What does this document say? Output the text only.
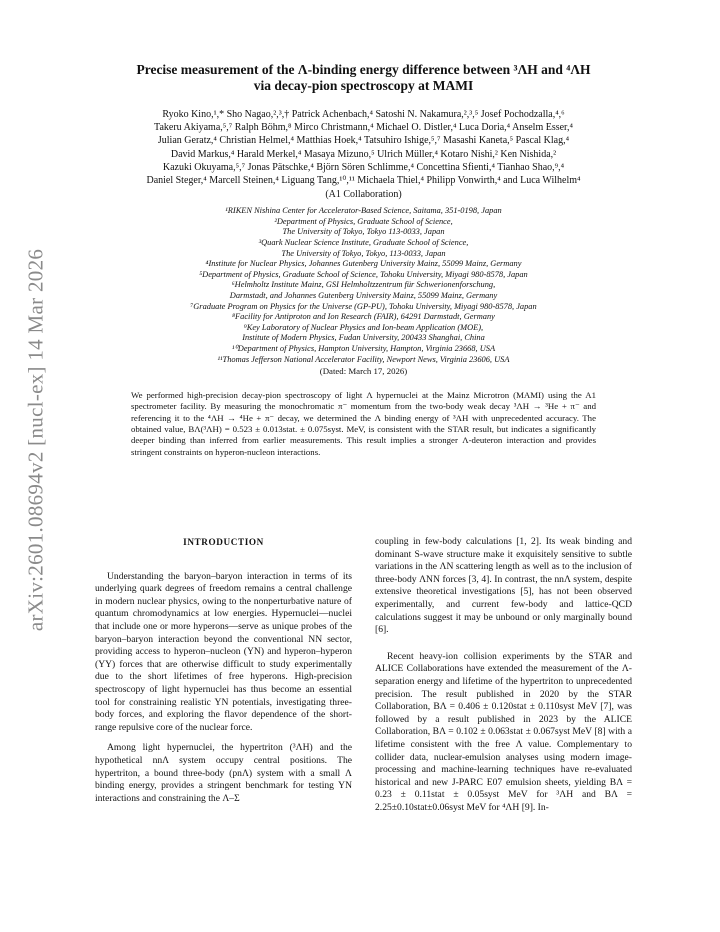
arXiv:2601.08694v2 [nucl-ex] 14 Mar 2026
Precise measurement of the Λ-binding energy difference between ³ΛH and ⁴ΛH
via decay-pion spectroscopy at MAMI
Ryoko Kino,¹,* Sho Nagao,²,³,† Patrick Achenbach,⁴ Satoshi N. Nakamura,²,³,⁵ Josef Pochodzalla,⁴,⁶
Takeru Akiyama,⁵,⁷ Ralph Böhm,⁸ Mirco Christmann,⁴ Michael O. Distler,⁴ Luca Doria,⁴ Anselm Esser,⁴
Julian Geratz,⁴ Christian Helmel,⁴ Matthias Hoek,⁴ Tatsuhiro Ishige,⁵,⁷ Masashi Kaneta,⁵ Pascal Klag,⁴
David Markus,⁴ Harald Merkel,⁴ Masaya Mizuno,⁵ Ulrich Müller,⁴ Kotaro Nishi,² Ken Nishida,²
Kazuki Okuyama,⁵,⁷ Jonas Pätschke,⁴ Björn Sören Schlimme,⁴ Concettina Sfienti,⁴ Tianhao Shao,⁹,⁴
Daniel Steger,⁴ Marcell Steinen,⁴ Liguang Tang,¹⁰,¹¹ Michaela Thiel,⁴ Philipp Vonwirth,⁴ and Luca Wilhelm⁴
(A1 Collaboration)
¹RIKEN Nishina Center for Accelerator-Based Science, Saitama, 351-0198, Japan
²Department of Physics, Graduate School of Science,
The University of Tokyo, Tokyo 113-0033, Japan
³Quark Nuclear Science Institute, Graduate School of Science,
The University of Tokyo, Tokyo, 113-0033, Japan
⁴Institute for Nuclear Physics, Johannes Gutenberg University Mainz, 55099 Mainz, Germany
⁵Department of Physics, Graduate School of Science, Tohoku University, Miyagi 980-8578, Japan
⁶Helmholtz Institute Mainz, GSI Helmholtzzentrum für Schwerionenforschung,
Darmstadt, and Johannes Gutenberg University Mainz, 55099 Mainz, Germany
⁷Graduate Program on Physics for the Universe (GP-PU), Tohoku University, Miyagi 980-8578, Japan
⁸Facility for Antiproton and Ion Research (FAIR), 64291 Darmstadt, Germany
⁹Key Laboratory of Nuclear Physics and Ion-beam Application (MOE),
Institute of Modern Physics, Fudan University, 200433 Shanghai, China
¹⁰Department of Physics, Hampton University, Hampton, Virginia 23668, USA
¹¹Thomas Jefferson National Accelerator Facility, Newport News, Virginia 23606, USA
(Dated: March 17, 2026)
We performed high-precision decay-pion spectroscopy of light Λ hypernuclei at the Mainz Microtron (MAMI) using the A1 spectrometer facility. By measuring the monochromatic π⁻ momentum from the two-body weak decay ³ΛH → ³He + π⁻ and referencing it to the ⁴ΛH → ⁴He + π⁻ decay, we determined the Λ binding energy of ³ΛH with unprecedented accuracy. The obtained value, BΛ(³ΛH) = 0.523 ± 0.013stat. ± 0.075syst. MeV, is consistent with the STAR result, but indicates a significantly deeper binding than inferred from earlier measurements. This result implies a stronger Λ-deuteron interaction and provides stringent constraints on hyperon-nucleon interactions.
INTRODUCTION

Understanding the baryon–baryon interaction in terms of its underlying quark degrees of freedom remains a central challenge in modern nuclear physics, owing to the nonperturbative nature of quantum chromodynamics at low energies. Hypernuclei—nuclei that include one or more hyperons—serve as unique probes of the baryon–baryon interaction beyond the conventional NN sector, providing access to hyperon–nucleon (YN) and hyperon–hyperon (YY) forces that are otherwise difficult to study experimentally due to the short lifetimes of free hyperons. High-precision spectroscopy of light hypernuclei has thus become an essential tool for constraining realistic YN potentials, investigating three-body forces, and exploring the flavor dependence of the short-range repulsive core of the nuclear force.

Among light hypernuclei, the hypertriton (³ΛH) and the hypothetical nnΛ system occupy central positions. The hypertriton, a bound three-body (pnΛ) system with a small Λ binding energy, provides a stringent benchmark for testing YN interactions and constraining the Λ–Σ

coupling in few-body calculations [1, 2]. Its weak binding and dominant S-wave structure make it exquisitely sensitive to subtle variations in the ΛN scattering length as well as to the inclusion of three-body ΛNN forces [3, 4]. In contrast, the nnΛ system, despite extensive theoretical investigations [5], has not been observed experimentally, and current few-body and lattice-QCD calculations suggest it may be unbound or only marginally bound [6].

Recent heavy-ion collision experiments by the STAR and ALICE Collaborations have extended the measurement of the Λ-separation energy and lifetime of the hypertriton to unprecedented precision. The result published in 2020 by the STAR Collaboration, BΛ = 0.406 ± 0.120stat ± 0.110syst MeV [7], was followed by a result published in 2023 by the ALICE Collaboration, BΛ = 0.102 ± 0.063stat ± 0.067syst MeV [8] with a lifetime consistent with the free Λ value. Complementary to collider data, nuclear-emulsion analyses using modern image-processing and machine-learning techniques have re-evaluated historical and new J-PARC E07 emulsion sheets, yielding BΛ = 0.23 ± 0.11stat ± 0.05syst MeV for ³ΛH and BΛ = 2.25±0.10stat±0.06syst MeV for ⁴ΛH [9]. In-
